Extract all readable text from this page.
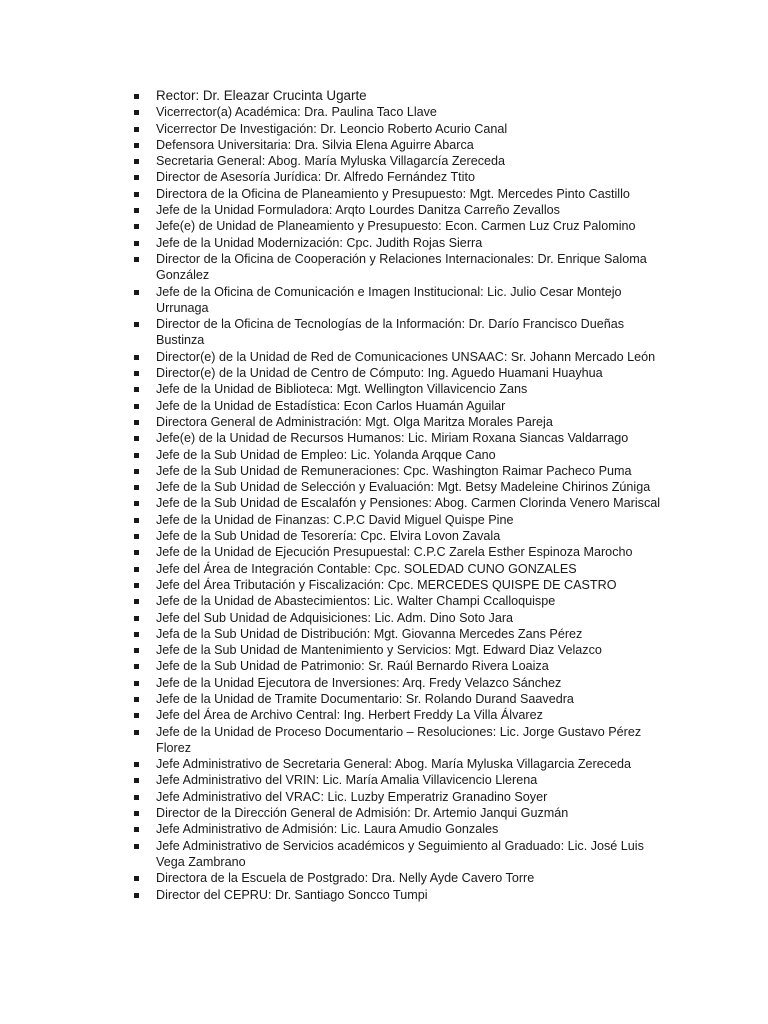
Rector: Dr. Eleazar Crucinta Ugarte
Vicerrector(a) Académica: Dra. Paulina Taco Llave
Vicerrector De Investigación: Dr. Leoncio Roberto Acurio Canal
Defensora Universitaria: Dra. Silvia Elena Aguirre Abarca
Secretaria General: Abog. María Myluska Villagarcía Zereceda
Director de Asesoría Jurídica: Dr. Alfredo Fernández Ttito
Directora de la Oficina de Planeamiento y Presupuesto: Mgt. Mercedes Pinto Castillo
Jefe de la Unidad Formuladora: Arqto Lourdes Danitza Carreño Zevallos
Jefe(e) de Unidad de Planeamiento y Presupuesto: Econ. Carmen Luz Cruz Palomino
Jefe de la Unidad Modernización: Cpc. Judith Rojas Sierra
Director de la Oficina de Cooperación y Relaciones Internacionales: Dr. Enrique Saloma González
Jefe de la Oficina de Comunicación e Imagen Institucional: Lic. Julio Cesar Montejo Urrunaga
Director de la Oficina de Tecnologías de la Información: Dr. Darío Francisco Dueñas Bustinza
Director(e) de la Unidad de Red de Comunicaciones UNSAAC: Sr. Johann Mercado León
Director(e) de la Unidad de Centro de Cómputo: Ing. Aguedo Huamani Huayhua
Jefe de la Unidad de Biblioteca: Mgt. Wellington Villavicencio Zans
Jefe de la Unidad de Estadística: Econ Carlos Huamán Aguilar
Directora General de Administración: Mgt. Olga Maritza Morales Pareja
Jefe(e) de la Unidad de Recursos Humanos: Lic. Miriam Roxana Siancas Valdarrago
Jefe de la Sub Unidad de Empleo: Lic. Yolanda Arqque Cano
Jefe de la Sub Unidad de Remuneraciones: Cpc. Washington Raimar Pacheco Puma
Jefe de la Sub Unidad de Selección y Evaluación: Mgt. Betsy Madeleine Chirinos Zúniga
Jefe de la Sub Unidad de Escalafón y Pensiones: Abog. Carmen Clorinda Venero Mariscal
Jefe de la Unidad de Finanzas: C.P.C David Miguel Quispe Pine
Jefe de la Sub Unidad de Tesorería: Cpc. Elvira Lovon Zavala
Jefe de la Unidad de Ejecución Presupuestal: C.P.C Zarela Esther Espinoza Marocho
Jefe del Área de Integración Contable: Cpc. SOLEDAD CUNO GONZALES
Jefe del Área Tributación y Fiscalización: Cpc. MERCEDES QUISPE DE CASTRO
Jefe de la Unidad de Abastecimientos: Lic. Walter Champi Ccalloquispe
Jefe del Sub Unidad de Adquisiciones: Lic. Adm. Dino Soto Jara
Jefa de la Sub Unidad de Distribución: Mgt. Giovanna Mercedes Zans Pérez
Jefe de la Sub Unidad de Mantenimiento y Servicios: Mgt. Edward Diaz Velazco
Jefe de la Sub Unidad de Patrimonio: Sr. Raúl Bernardo Rivera Loaiza
Jefe de la Unidad Ejecutora de Inversiones: Arq. Fredy Velazco Sánchez
Jefe de la Unidad de Tramite Documentario: Sr. Rolando Durand Saavedra
Jefe del Área de Archivo Central: Ing. Herbert Freddy La Villa Álvarez
Jefe de la Unidad de Proceso Documentario – Resoluciones: Lic. Jorge Gustavo Pérez Florez
Jefe Administrativo de Secretaria General: Abog. María Myluska Villagarcia Zereceda
Jefe Administrativo del VRIN: Lic. María Amalia Villavicencio Llerena
Jefe Administrativo del VRAC: Lic. Luzby Emperatriz Granadino Soyer
Director de la Dirección General de Admisión: Dr. Artemio Janqui Guzmán
Jefe Administrativo de Admisión: Lic. Laura Amudio Gonzales
Jefe Administrativo de Servicios académicos y Seguimiento al Graduado: Lic. José Luis Vega Zambrano
Directora de la Escuela de Postgrado: Dra. Nelly Ayde Cavero Torre
Director del CEPRU: Dr. Santiago Soncco Tumpi
